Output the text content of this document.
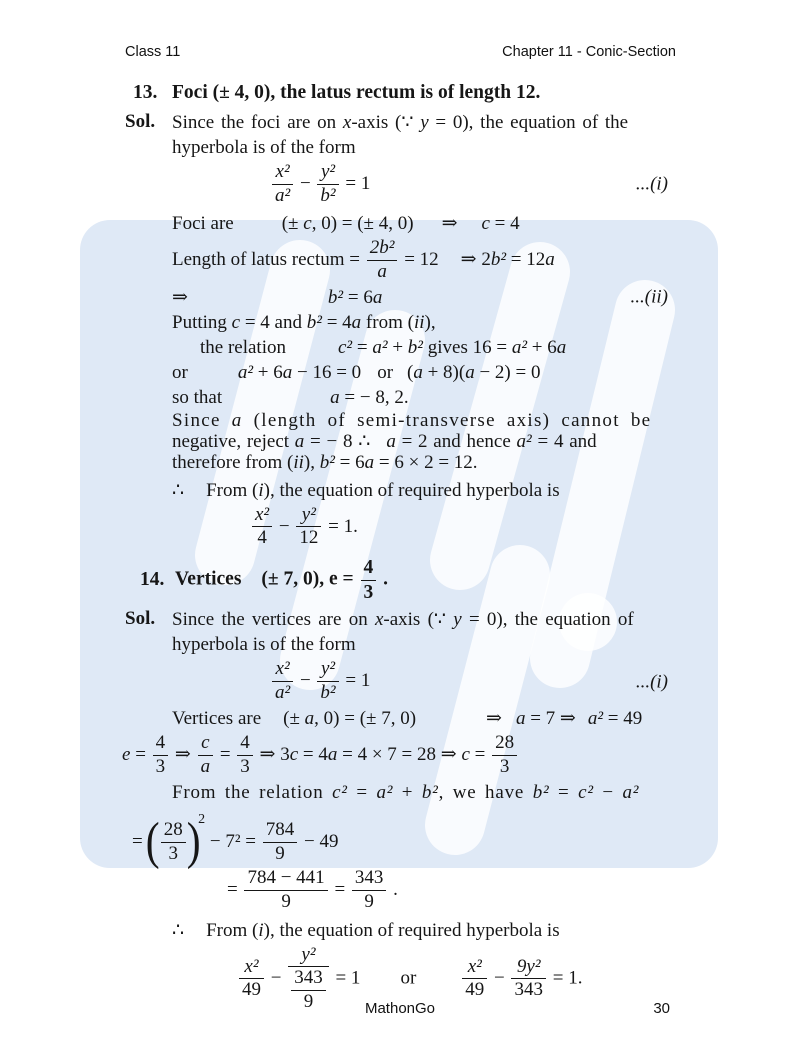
Class 11	Chapter 11 - Conic-Section
13. Foci (± 4, 0), the latus rectum is of length 12.
Sol. Since the foci are on x-axis (∵ y = 0), the equation of the
hyperbola is of the form
$\frac{\text{x²}}{\text{a²}} - \frac{\text{y²}}{\text{b²}} = 1$	...(i)
Foci are	(± c, 0) = (± 4, 0) ⇒ c = 4
Length of latus rectum = $\frac{\text{2b²}}{a} = 12$ ⇒ 2b² = 12a
⇒	b² = 6a	...(ii)
Putting c = 4 and b² = 4a from (ii),
the relation	c² = a² + b² gives 16 = a² + 6a
or	a² + 6a − 16 = 0 or (a + 8)(a − 2) = 0
so that	a = − 8, 2.
Since a (length of semi-transverse axis) cannot be
negative, reject a = − 8 ∴ a = 2 and hence a² = 4 and
therefore from (ii), b² = 6a = 6 × 2 = 12.
∴ From (i), the equation of required hyperbola is
$\frac{\text{x²}}{4} - \frac{\text{y²}}{12} = 1$.
14. Vertices (± 7, 0), $e = \frac{4}{3}$ .
Sol. Since the vertices are on x-axis (∵ y = 0), the equation of
hyperbola is of the form
$\frac{\text{x²}}{\text{a²}} - \frac{\text{y²}}{\text{b²}} = 1$	...(i)
Vertices are (± a, 0) = (± 7, 0)	⇒ a = 7 ⇒ a² = 49
$e = \frac{4}{3}$ ⇒ $\frac{c}{a} = \frac{4}{3}$ ⇒ 3c = 4a = 4 × 7 = 28 ⇒ $c = \frac{28}{3}$
From the relation c² = a² + b², we have b² = c² − a²
= ( $\frac{28}{3} )^2 - 7^2 = \frac{784}{9} - 49$
= $\frac{784 - 441}{9} = \frac{343}{9}$ .
∴ From (i), the equation of required hyperbola is
$\frac{\text{x²}}{49} - \frac{\text{y²}}{\frac{343}{9}} = 1$ or $\frac{\text{x²}}{49} - \frac{\text{9y²}}{343} = 1$.
MathonGo	30
